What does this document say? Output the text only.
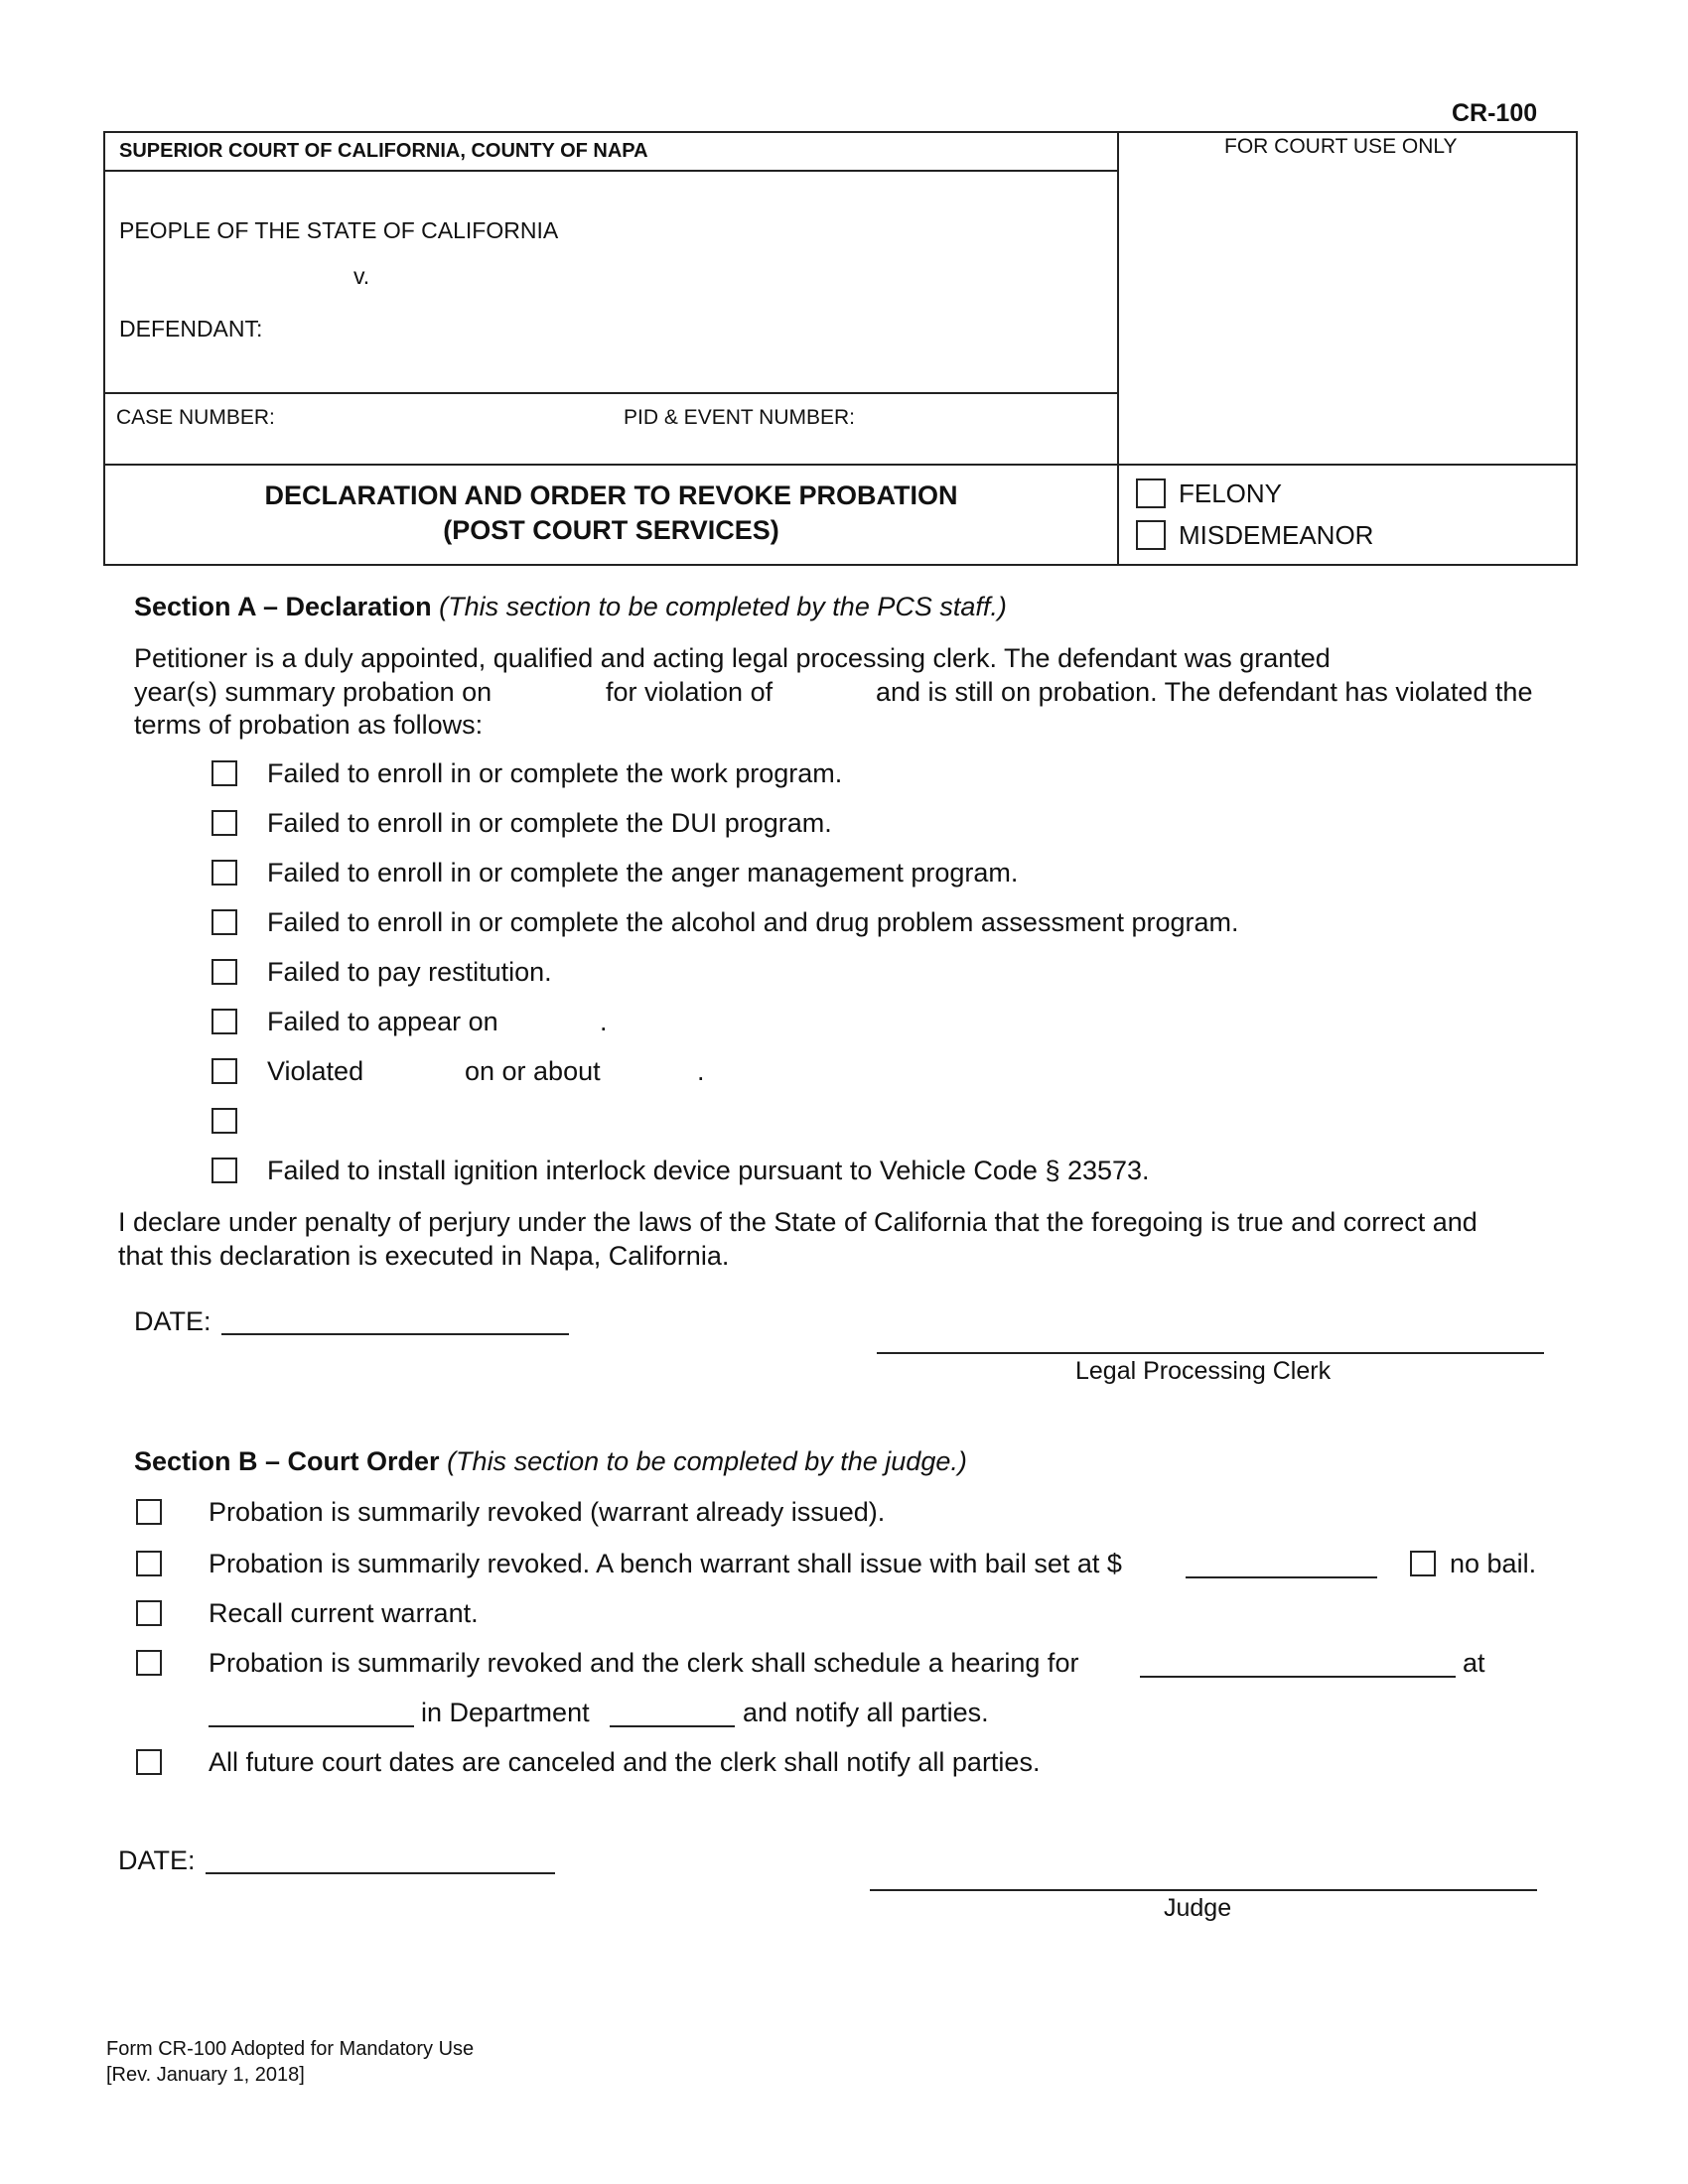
CR-100
SUPERIOR COURT OF CALIFORNIA, COUNTY OF NAPA	FOR COURT USE ONLY
PEOPLE OF THE STATE OF CALIFORNIA
v.
DEFENDANT:
CASE NUMBER:	PID & EVENT NUMBER:
DECLARATION AND ORDER TO REVOKE PROBATION
(POST COURT SERVICES)
FELONY
MISDEMEANOR
Section A – Declaration (This section to be completed by the PCS staff.)
Petitioner is a duly appointed, qualified and acting legal processing clerk. The defendant was granted
year(s) summary probation on	for violation of	and is still on probation. The defendant has violated the
terms of probation as follows:
Failed to enroll in or complete the work program.
Failed to enroll in or complete the DUI program.
Failed to enroll in or complete the anger management program.
Failed to enroll in or complete the alcohol and drug problem assessment program.
Failed to pay restitution.
Failed to appear on	.
Violated	on or about	.
Failed to install ignition interlock device pursuant to Vehicle Code § 23573.
I declare under penalty of perjury under the laws of the State of California that the foregoing is true and correct and
that this declaration is executed in Napa, California.
DATE:
Legal Processing Clerk
Section B – Court Order (This section to be completed by the judge.)
Probation is summarily revoked (warrant already issued).
Probation is summarily revoked. A bench warrant shall issue with bail set at $	no bail.
Recall current warrant.
Probation is summarily revoked and the clerk shall schedule a hearing for	at
in Department	and notify all parties.
All future court dates are canceled and the clerk shall notify all parties.
DATE:
Judge
Form CR-100 Adopted for Mandatory Use
[Rev. January 1, 2018]
